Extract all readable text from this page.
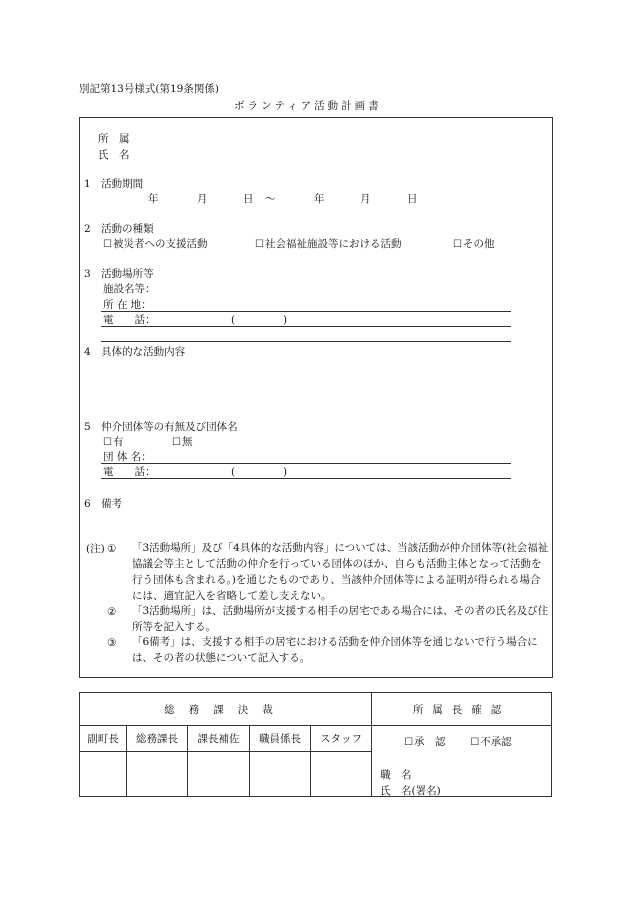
別記第13号様式(第19条関係)
ボランティア活動計画書
所　属
氏　名
1　活動期間
年	月	日 ～	年	月	日
2　活動の種類
☐被災者への支援活動	☐社会福祉施設等における活動	☐その他
3　活動場所等
施設名等：
所 在 地：
電　　話：	(	)
4　具体的な活動内容
5　仲介団体等の有無及び団体名
☐有	☐無
団 体 名：
電　　話：	(	)
6　備考
(注) ① 「3活動場所」及び「4具体的な活動内容」については、当該活動が仲介団体等(社会福祉協議会等主として活動の仲介を行っている団体のほか、自らも活動主体となって活動を行う団体も含まれる。)を通じたものであり、当該仲介団体等による証明が得られる場合には、適宜記入を省略して差し支えない。
② 「3活動場所」は、活動場所が支援する相手の居宅である場合には、その者の氏名及び住所等を記入する。
③ 「6備考」は、支援する相手の居宅における活動を仲介団体等を通じないで行う場合には、その者の状態について記入する。
総務課決裁					所属長確認
副町長	総務課長	課長補佐	職員係長	スタッフ	☐承　認 ☐不承認
職　名
氏　名(署名)
